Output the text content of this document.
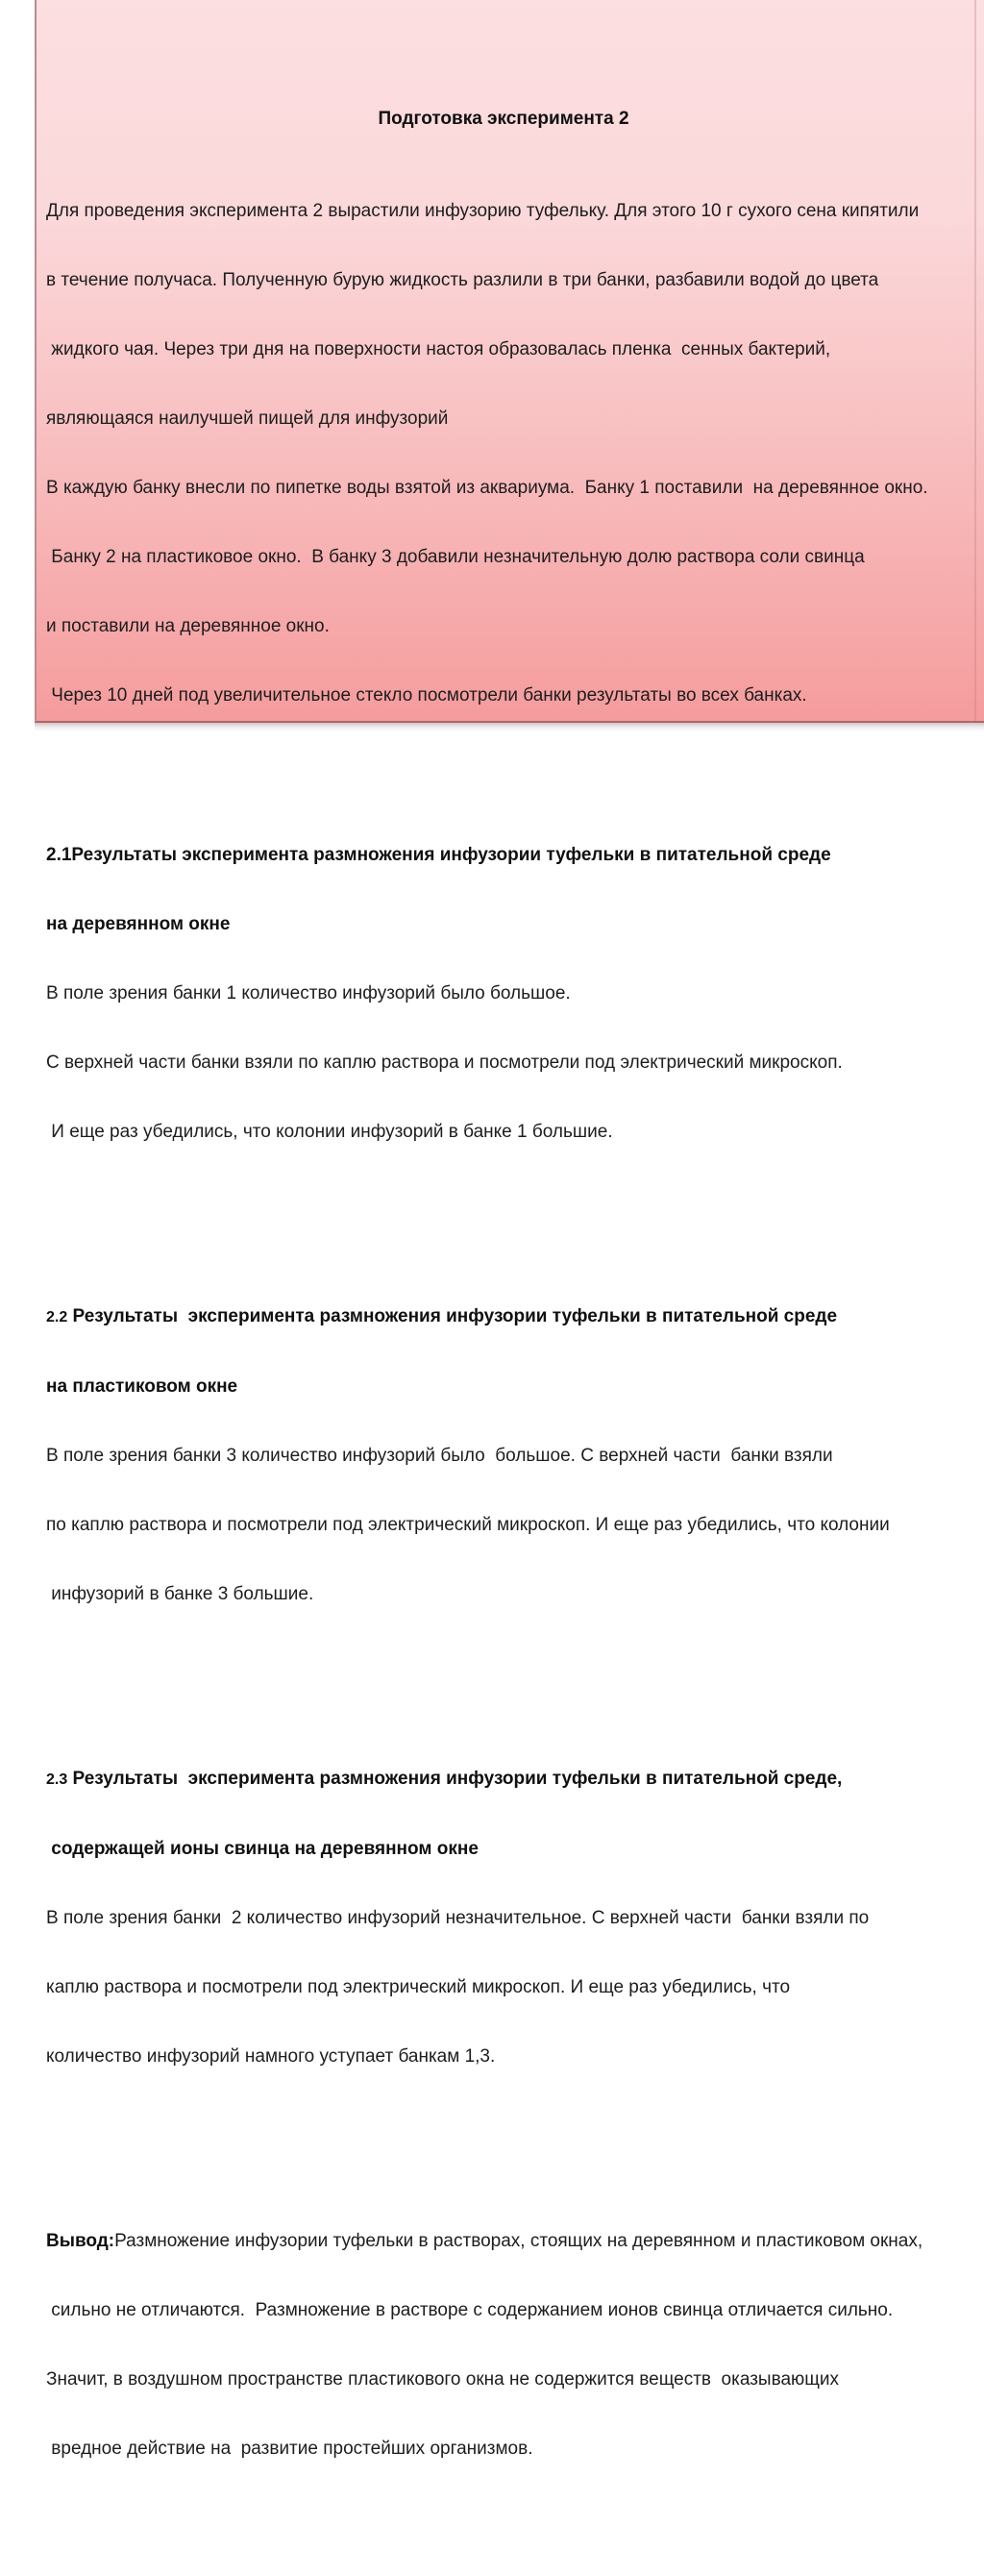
Подготовка эксперимента 2

Для проведения эксперимента 2 вырастили инфузорию туфельку. Для этого 10 г сухого сена кипятили

в течение получаса. Полученную бурую жидкость разлили в три банки, разбавили водой до цвета

жидкого чая. Через три дня на поверхности настоя образовалась пленка  сенных бактерий,

являющаяся наилучшей пищей для инфузорий

В каждую банку внесли по пипетке воды взятой из аквариума.  Банку 1 поставили  на деревянное окно.

Банку 2 на пластиковое окно.  В банку 3 добавили незначительную долю раствора соли свинца

и поставили на деревянное окно.

Через 10 дней под увеличительное стекло посмотрели банки результаты во всех банках.

2.1Результаты эксперимента размножения инфузории туфельки в питательной среде

на деревянном окне

В поле зрения банки 1 количество инфузорий было большое.

С верхней части банки взяли по каплю раствора и посмотрели под электрический микроскоп.

И еще раз убедились, что колонии инфузорий в банке 1 большие.

2.2 Результаты  эксперимента размножения инфузории туфельки в питательной среде

на пластиковом окне

В поле зрения банки 3 количество инфузорий было  большое. С верхней части  банки взяли

по каплю раствора и посмотрели под электрический микроскоп. И еще раз убедились, что колонии

инфузорий в банке 3 большие.

2.3 Результаты  эксперимента размножения инфузории туфельки в питательной среде,

содержащей ионы свинца на деревянном окне

В поле зрения банки  2 количество инфузорий незначительное. С верхней части  банки взяли по

каплю раствора и посмотрели под электрический микроскоп. И еще раз убедились, что

количество инфузорий намного уступает банкам 1,3.

Вывод:Размножение инфузории туфельки в растворах, стоящих на деревянном и пластиковом окнах,

сильно не отличаются.  Размножение в растворе с содержанием ионов свинца отличается сильно.

Значит, в воздушном пространстве пластикового окна не содержится веществ  оказывающих

вредное действие на  развитие простейших организмов.
